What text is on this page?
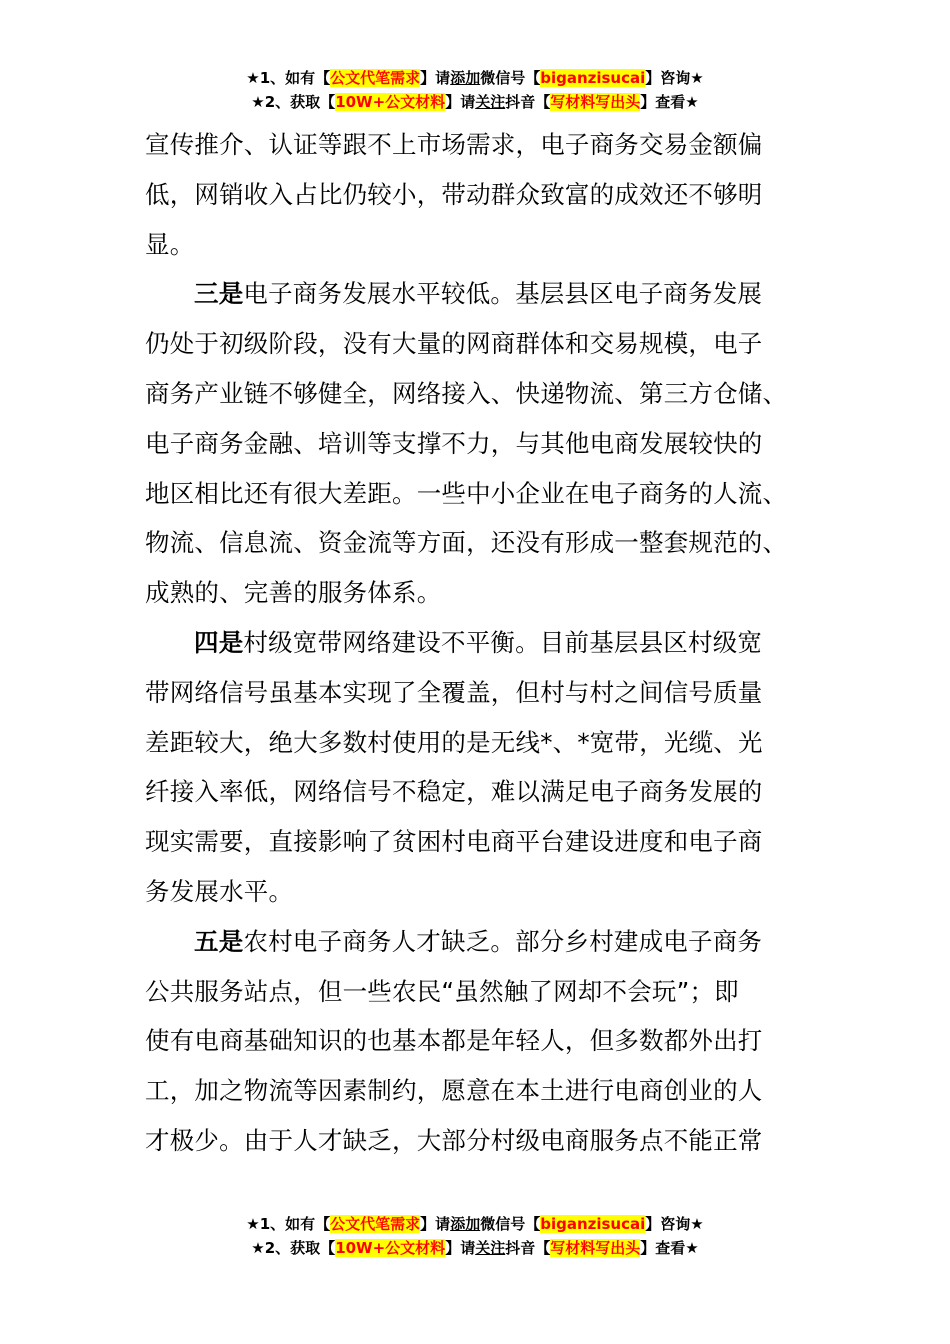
★1、如有【公文代笔需求】请添加微信号【biganzisucai】咨询★
★2、获取【10W+公文材料】请关注抖音【写材料写出头】查看★
宣传推介、认证等跟不上市场需求，电子商务交易金额偏
低，网销收入占比仍较小，带动群众致富的成效还不够明
显。
三是电子商务发展水平较低。基层县区电子商务发展
仍处于初级阶段，没有大量的网商群体和交易规模，电子
商务产业链不够健全，网络接入、快递物流、第三方仓储、
电子商务金融、培训等支撑不力，与其他电商发展较快的
地区相比还有很大差距。一些中小企业在电子商务的人流、
物流、信息流、资金流等方面，还没有形成一整套规范的、
成熟的、完善的服务体系。
四是村级宽带网络建设不平衡。目前基层县区村级宽
带网络信号虽基本实现了全覆盖，但村与村之间信号质量
差距较大，绝大多数村使用的是无线*、*宽带，光缆、光
纤接入率低，网络信号不稳定，难以满足电子商务发展的
现实需要，直接影响了贫困村电商平台建设进度和电子商
务发展水平。
五是农村电子商务人才缺乏。部分乡村建成电子商务
公共服务站点，但一些农民“虽然触了网却不会玩”；即
使有电商基础知识的也基本都是年轻人，但多数都外出打
工，加之物流等因素制约，愿意在本土进行电商创业的人
才极少。由于人才缺乏，大部分村级电商服务点不能正常
★1、如有【公文代笔需求】请添加微信号【biganzisucai】咨询★
★2、获取【10W+公文材料】请关注抖音【写材料写出头】查看★
